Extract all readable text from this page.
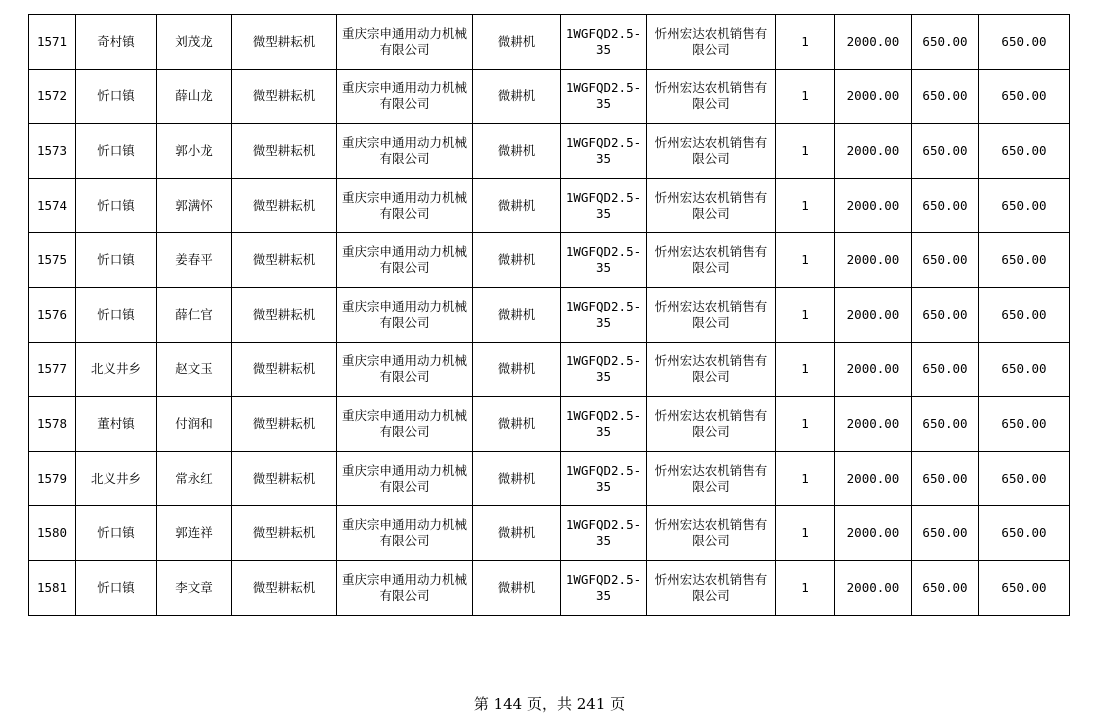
1571	奇村镇	刘茂龙	微型耕耘机	重庆宗申通用动力机械
有限公司	微耕机	1WGFQD2.5-35	忻州宏达农机销售有
限公司	1	2000.00	650.00	650.00
1572	忻口镇	薛山龙	微型耕耘机	重庆宗申通用动力机械
有限公司	微耕机	1WGFQD2.5-35	忻州宏达农机销售有
限公司	1	2000.00	650.00	650.00
1573	忻口镇	郭小龙	微型耕耘机	重庆宗申通用动力机械
有限公司	微耕机	1WGFQD2.5-35	忻州宏达农机销售有
限公司	1	2000.00	650.00	650.00
1574	忻口镇	郭满怀	微型耕耘机	重庆宗申通用动力机械
有限公司	微耕机	1WGFQD2.5-35	忻州宏达农机销售有
限公司	1	2000.00	650.00	650.00
1575	忻口镇	姜春平	微型耕耘机	重庆宗申通用动力机械
有限公司	微耕机	1WGFQD2.5-35	忻州宏达农机销售有
限公司	1	2000.00	650.00	650.00
1576	忻口镇	薛仁官	微型耕耘机	重庆宗申通用动力机械
有限公司	微耕机	1WGFQD2.5-35	忻州宏达农机销售有
限公司	1	2000.00	650.00	650.00
1577	北义井乡	赵文玉	微型耕耘机	重庆宗申通用动力机械
有限公司	微耕机	1WGFQD2.5-35	忻州宏达农机销售有
限公司	1	2000.00	650.00	650.00
1578	董村镇	付润和	微型耕耘机	重庆宗申通用动力机械
有限公司	微耕机	1WGFQD2.5-35	忻州宏达农机销售有
限公司	1	2000.00	650.00	650.00
1579	北义井乡	常永红	微型耕耘机	重庆宗申通用动力机械
有限公司	微耕机	1WGFQD2.5-35	忻州宏达农机销售有
限公司	1	2000.00	650.00	650.00
1580	忻口镇	郭连祥	微型耕耘机	重庆宗申通用动力机械
有限公司	微耕机	1WGFQD2.5-35	忻州宏达农机销售有
限公司	1	2000.00	650.00	650.00
1581	忻口镇	李文章	微型耕耘机	重庆宗申通用动力机械
有限公司	微耕机	1WGFQD2.5-35	忻州宏达农机销售有
限公司	1	2000.00	650.00	650.00
第 144 页，共 241 页
